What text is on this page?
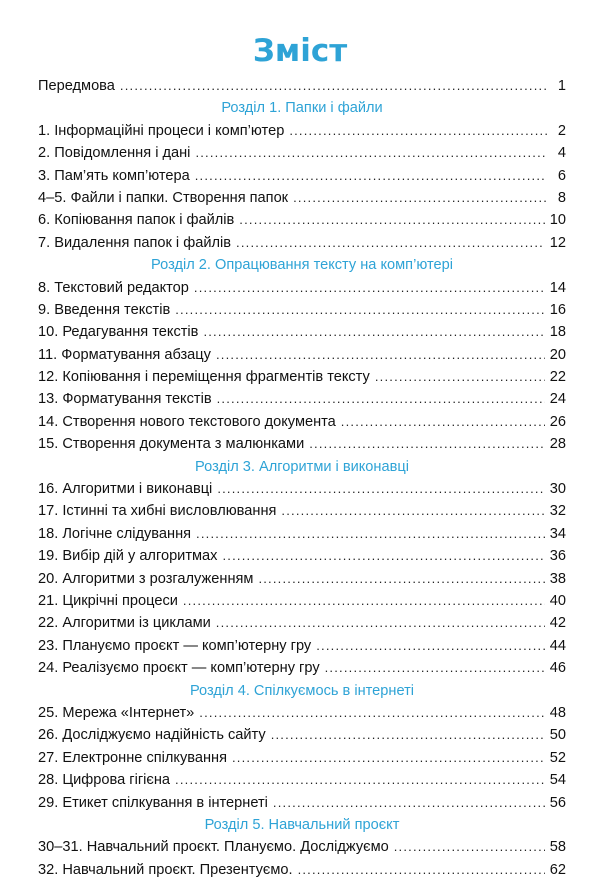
Зміст
Передмова .....	1
Розділ 1. Папки і файли
1. Інформаційні процеси і комп’ютер .....	2
2. Повідомлення і дані .....	4
3. Пам’ять комп’ютера .....	6
4–5. Файли і папки. Створення папок .....	8
6. Копіювання папок і файлів .....	10
7. Видалення папок і файлів .....	12
Розділ 2. Опрацювання тексту на комп’ютері
8. Текстовий редактор .....	14
9. Введення текстів .....	16
10. Редагування текстів .....	18
11. Форматування абзацу .....	20
12. Копіювання і переміщення фрагментів тексту .....	22
13. Форматування текстів .....	24
14. Створення нового текстового документа .....	26
15. Створення документа з малюнками .....	28
Розділ 3. Алгоритми і виконавці
16. Алгоритми і виконавці .....	30
17. Істинні та хибні висловлювання .....	32
18. Логічне слідування .....	34
19. Вибір дій у алгоритмах .....	36
20. Алгоритми з розгалуженням .....	38
21. Цикрічні процеси .....	40
22. Алгоритми із циклами .....	42
23. Плануємо проєкт — комп’ютерну гру .....	44
24. Реалізуємо проєкт — комп’ютерну гру .....	46
Розділ 4. Спілкуємось в інтернеті
25. Мережа «Інтернет» .....	48
26. Досліджуємо надійність сайту .....	50
27. Електронне спілкування .....	52
28. Цифрова гігієна .....	54
29. Етикет спілкування в інтернеті .....	56
Розділ 5. Навчальний проєкт
30–31. Навчальний проєкт. Плануємо. Досліджуємо .....	58
32. Навчальний проєкт. Презентуємо. .....	62
